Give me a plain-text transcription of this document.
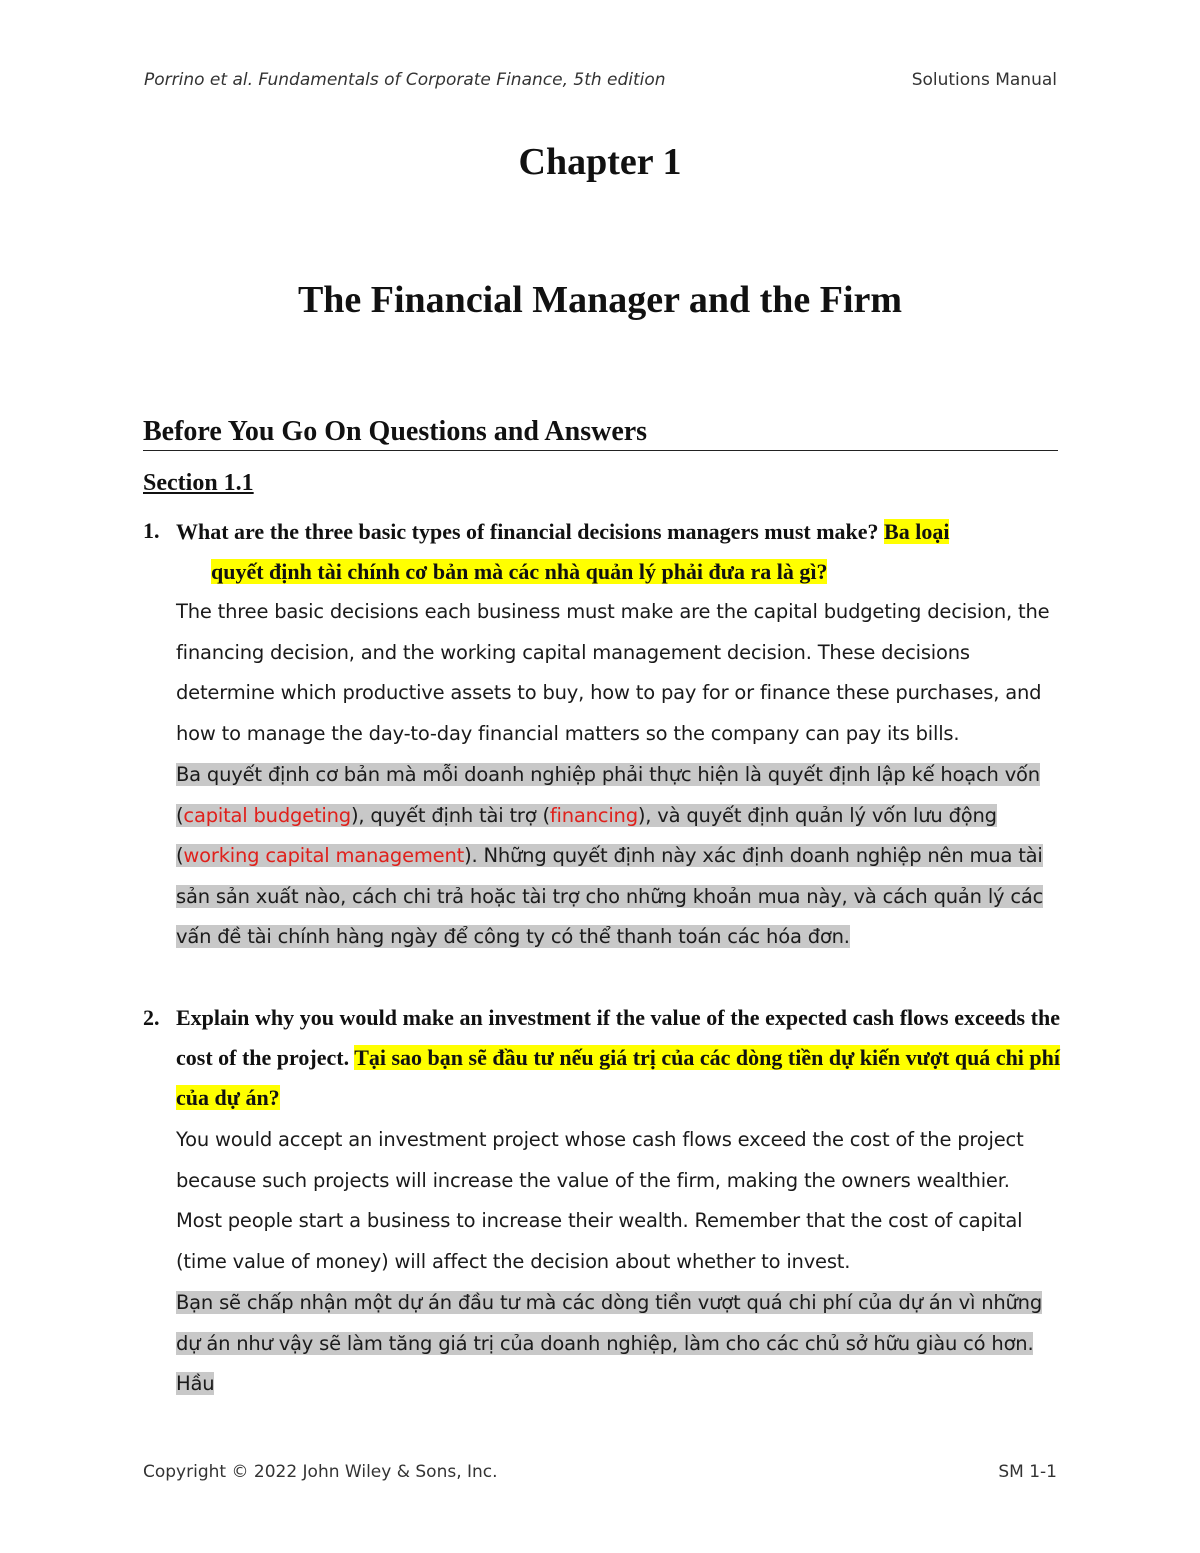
Porrino et al. Fundamentals of Corporate Finance, 5th edition	Solutions Manual
Chapter 1
The Financial Manager and the Firm
Before You Go On Questions and Answers
Section 1.1
1. What are the three basic types of financial decisions managers must make? Ba loại
quyết định tài chính cơ bản mà các nhà quản lý phải đưa ra là gì?
The three basic decisions each business must make are the capital budgeting decision, the financing decision, and the working capital management decision. These decisions determine which productive assets to buy, how to pay for or finance these purchases, and how to manage the day-to-day financial matters so the company can pay its bills.
Ba quyết định cơ bản mà mỗi doanh nghiệp phải thực hiện là quyết định lập kế hoạch vốn (capital budgeting), quyết định tài trợ (financing), và quyết định quản lý vốn lưu động (working capital management). Những quyết định này xác định doanh nghiệp nên mua tài sản sản xuất nào, cách chi trả hoặc tài trợ cho những khoản mua này, và cách quản lý các vấn đề tài chính hàng ngày để công ty có thể thanh toán các hóa đơn.
2. Explain why you would make an investment if the value of the expected cash flows exceeds the cost of the project. Tại sao bạn sẽ đầu tư nếu giá trị của các dòng tiền dự kiến vượt quá chi phí của dự án?
You would accept an investment project whose cash flows exceed the cost of the project because such projects will increase the value of the firm, making the owners wealthier. Most people start a business to increase their wealth. Remember that the cost of capital (time value of money) will affect the decision about whether to invest.
Bạn sẽ chấp nhận một dự án đầu tư mà các dòng tiền vượt quá chi phí của dự án vì những dự án như vậy sẽ làm tăng giá trị của doanh nghiệp, làm cho các chủ sở hữu giàu có hơn. Hầu
Copyright © 2022 John Wiley & Sons, Inc.	SM 1-1
